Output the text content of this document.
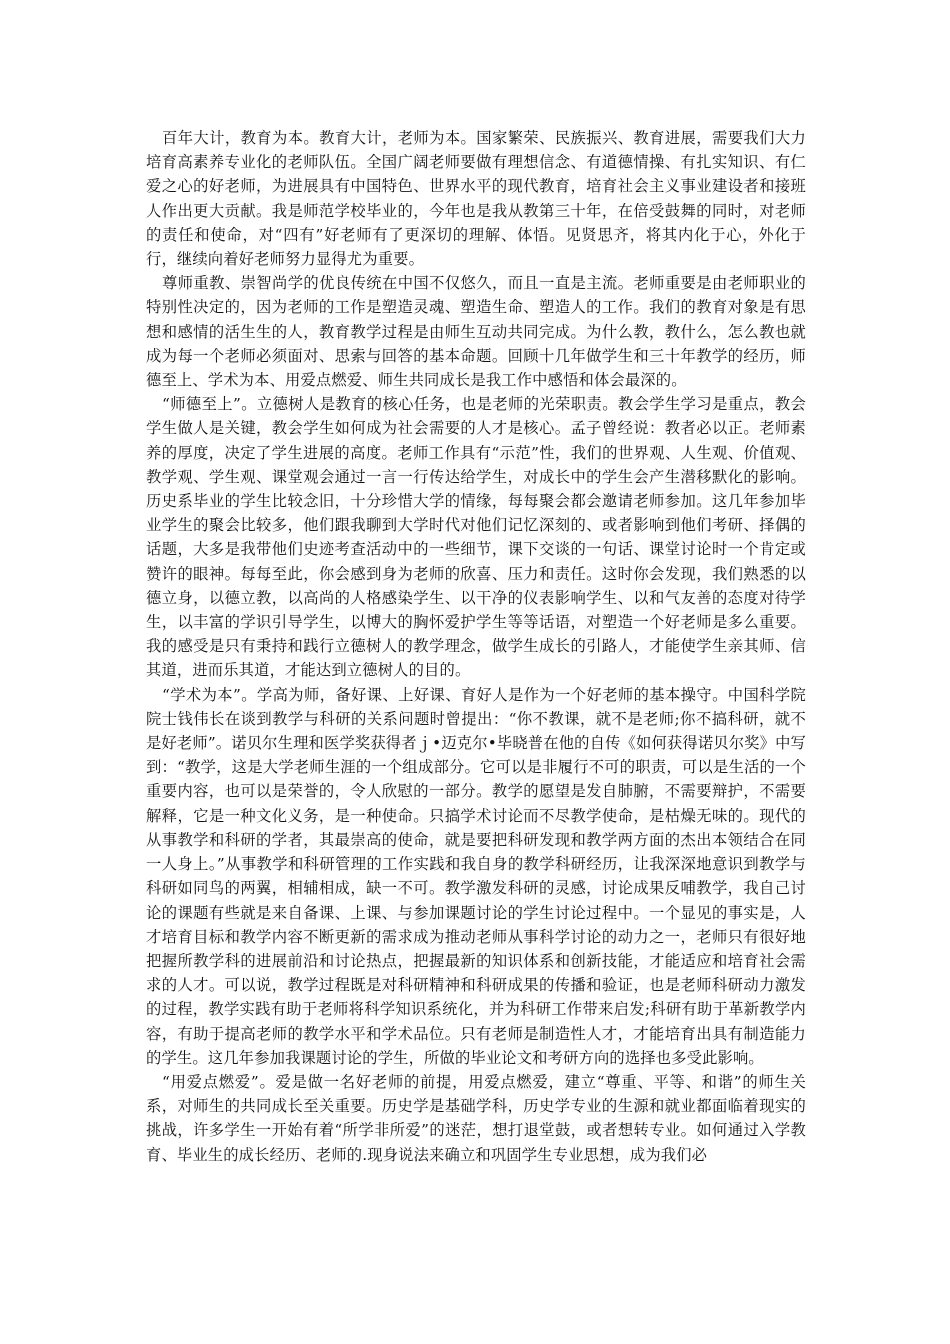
百年大计，教育为本。教育大计，老师为本。国家繁荣、民族振兴、教育进展，需要我们大力培育高素养专业化的老师队伍。全国广阔老师要做有理想信念、有道德情操、有扎实知识、有仁爱之心的好老师，为进展具有中国特色、世界水平的现代教育，培育社会主义事业建设者和接班人作出更大贡献。我是师范学校毕业的，今年也是我从教第三十年，在倍受鼓舞的同时，对老师的责任和使命，对“四有”好老师有了更深切的理解、体悟。见贤思齐，将其内化于心，外化于行，继续向着好老师努力显得尤为重要。

尊师重教、崇智尚学的优良传统在中国不仅悠久，而且一直是主流。老师重要是由老师职业的特别性决定的，因为老师的工作是塑造灵魂、塑造生命、塑造人的工作。我们的教育对象是有思想和感情的活生生的人，教育教学过程是由师生互动共同完成。为什么教，教什么，怎么教也就成为每一个老师必须面对、思索与回答的基本命题。回顾十几年做学生和三十年教学的经历，师德至上、学术为本、用爱点燃爱、师生共同成长是我工作中感悟和体会最深的。

“师德至上”。立德树人是教育的核心任务，也是老师的光荣职责。教会学生学习是重点，教会学生做人是关键，教会学生如何成为社会需要的人才是核心。孟子曾经说：教者必以正。老师素养的厚度，决定了学生进展的高度。老师工作具有“示范”性，我们的世界观、人生观、价值观、教学观、学生观、课堂观会通过一言一行传达给学生，对成长中的学生会产生潜移默化的影响。历史系毕业的学生比较念旧，十分珍惜大学的情缘，每每聚会都会邀请老师参加。这几年参加毕业学生的聚会比较多，他们跟我聊到大学时代对他们记忆深刻的、或者影响到他们考研、择偶的话题，大多是我带他们史迹考查活动中的一些细节，课下交谈的一句话、课堂讨论时一个肯定或赞许的眼神。每每至此，你会感到身为老师的欣喜、压力和责任。这时你会发现，我们熟悉的以德立身，以德立教，以高尚的人格感染学生、以干净的仪表影响学生、以和气友善的态度对待学生，以丰富的学识引导学生，以博大的胸怀爱护学生等等话语，对塑造一个好老师是多么重要。我的感受是只有秉持和践行立德树人的教学理念，做学生成长的引路人，才能使学生亲其师、信其道，进而乐其道，才能达到立德树人的目的。

“学术为本”。学高为师，备好课、上好课、育好人是作为一个好老师的基本操守。中国科学院院士钱伟长在谈到教学与科研的关系问题时曾提出：“你不教课，就不是老师;你不搞科研，就不是好老师”。诺贝尔生理和医学奖获得者ｊ•迈克尔•毕晓普在他的自传《如何获得诺贝尔奖》中写到：“教学，这是大学老师生涯的一个组成部分。它可以是非履行不可的职责，可以是生活的一个重要内容，也可以是荣誉的，令人欣慰的一部分。教学的愿望是发自肺腑，不需要辩护，不需要解释，它是一种文化义务，是一种使命。只搞学术讨论而不尽教学使命，是枯燥无味的。现代的从事教学和科研的学者，其最崇高的使命，就是要把科研发现和教学两方面的杰出本领结合在同一人身上。”从事教学和科研管理的工作实践和我自身的教学科研经历，让我深深地意识到教学与科研如同鸟的两翼，相辅相成，缺一不可。教学激发科研的灵感，讨论成果反哺教学，我自己讨论的课题有些就是来自备课、上课、与参加课题讨论的学生讨论过程中。一个显见的事实是，人才培育目标和教学内容不断更新的需求成为推动老师从事科学讨论的动力之一，老师只有很好地把握所教学科的进展前沿和讨论热点，把握最新的知识体系和创新技能，才能适应和培育社会需求的人才。可以说，教学过程既是对科研精神和科研成果的传播和验证，也是老师科研动力激发的过程，教学实践有助于老师将科学知识系统化，并为科研工作带来启发;科研有助于革新教学内容，有助于提高老师的教学水平和学术品位。只有老师是制造性人才，才能培育出具有制造能力的学生。这几年参加我课题讨论的学生，所做的毕业论文和考研方向的选择也多受此影响。

“用爱点燃爱”。爱是做一名好老师的前提，用爱点燃爱，建立“尊重、平等、和谐”的师生关系，对师生的共同成长至关重要。历史学是基础学科，历史学专业的生源和就业都面临着现实的挑战，许多学生一开始有着“所学非所爱”的迷茫，想打退堂鼓，或者想转专业。如何通过入学教育、毕业生的成长经历、老师的.现身说法来确立和巩固学生专业思想，成为我们必
